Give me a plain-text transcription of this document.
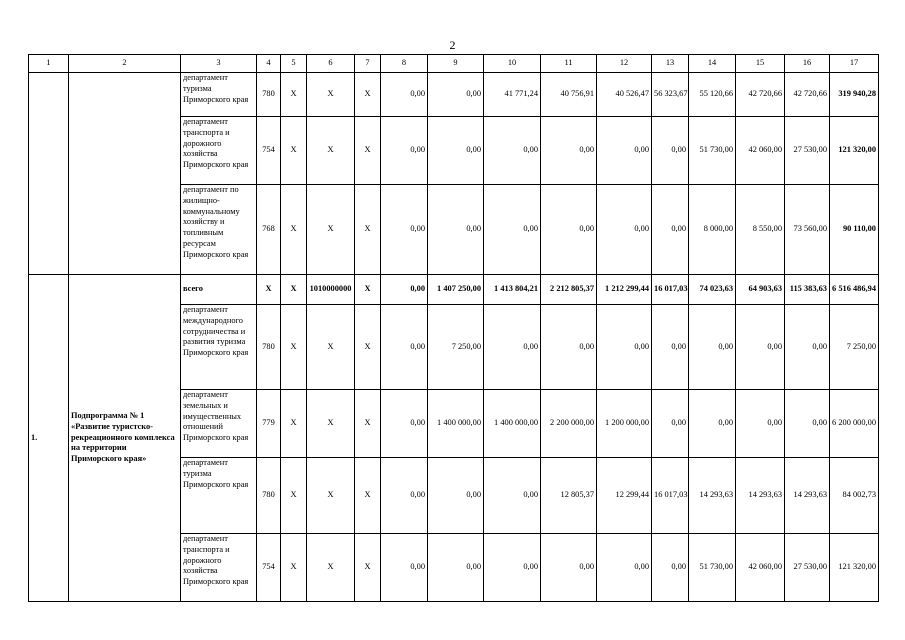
2
1	2	3	4	5	6	7	8	9	10	11	12	13	14	15	16	17
		департамент туризма Приморского края	780	X	X	X	0,00	0,00	41 771,24	40 756,91	40 526,47	56 323,67	55 120,66	42 720,66	42 720,66	319 940,28
		департамент транспорта и дорожного хозяйства Приморского края	754	X	X	X	0,00	0,00	0,00	0,00	0,00	0,00	51 730,00	42 060,00	27 530,00	121 320,00
		департамент по жилищно-коммунальному хозяйству и топливным ресурсам Приморского края	768	X	X	X	0,00	0,00	0,00	0,00	0,00	0,00	8 000,00	8 550,00	73 560,00	90 110,00
1.	Подпрограмма № 1 «Развитие туристско-рекреационного комплекса на территории Приморского края»	всего	X	X	1010000000	X	0,00	1 407 250,00	1 413 804,21	2 212 805,37	1 212 299,44	16 017,03	74 023,63	64 903,63	115 383,63	6 516 486,94
		департамент международного сотрудничества и развития туризма Приморского края	780	X	X	X	0,00	7 250,00	0,00	0,00	0,00	0,00	0,00	0,00	0,00	7 250,00
		департамент земельных и имущественных отношений Приморского края	779	X	X	X	0,00	1 400 000,00	1 400 000,00	2 200 000,00	1 200 000,00	0,00	0,00	0,00	0,00	6 200 000,00
		департамент туризма Приморского края	780	X	X	X	0,00	0,00	0,00	12 805,37	12 299,44	16 017,03	14 293,63	14 293,63	14 293,63	84 002,73
		департамент транспорта и дорожного хозяйства Приморского края	754	X	X	X	0,00	0,00	0,00	0,00	0,00	0,00	51 730,00	42 060,00	27 530,00	121 320,00
